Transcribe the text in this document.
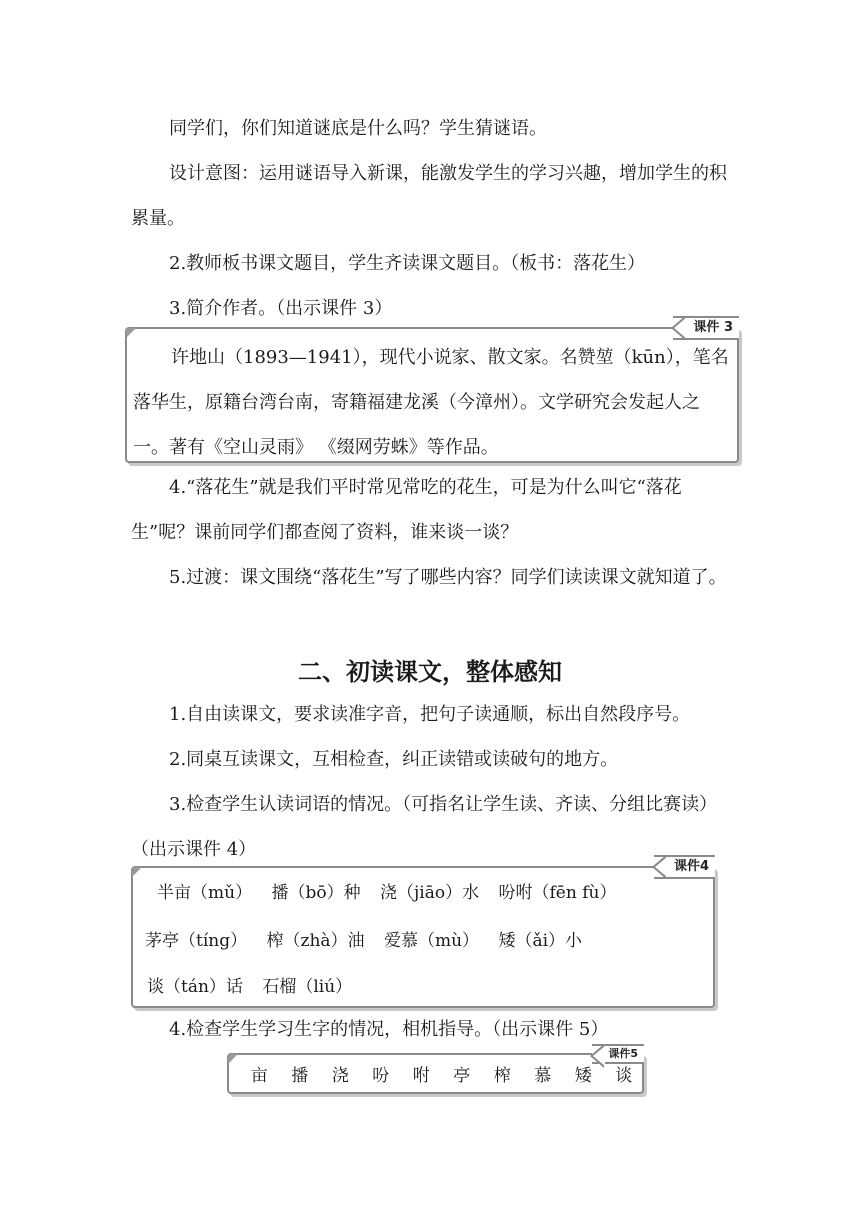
同学们，你们知道谜底是什么吗？学生猜谜语。

设计意图：运用谜语导入新课，能激发学生的学习兴趣，增加学生的积累量。

2.教师板书课文题目，学生齐读课文题目。（板书：落花生）

3.简介作者。（出示课件 3）

课件 3

许地山（1893—1941），现代小说家、散文家。名赞堃（kūn），笔名落华生，原籍台湾台南，寄籍福建龙溪（今漳州）。文学研究会发起人之一。著有《空山灵雨》 《缀网劳蛛》等作品。

4.“落花生”就是我们平时常见常吃的花生，可是为什么叫它“落花生”呢？课前同学们都查阅了资料，谁来谈一谈？

5.过渡：课文围绕“落花生”写了哪些内容？同学们读读课文就知道了。

二、初读课文，整体感知

1.自由读课文，要求读准字音，把句子读通顺，标出自然段序号。

2.同桌互读课文，互相检查，纠正读错或读破句的地方。

3.检查学生认读词语的情况。（可指名让学生读、齐读、分组比赛读）（出示课件 4）

课件4
半亩（mǔ） 播（bō）种 浇（jiāo）水 吩咐（fēn fù）
茅亭（tíng） 榨（zhà）油 爱慕（mù） 矮（ǎi）小
谈（tán）话 石榴（liú）

4.检查学生学习生字的情况，相机指导。（出示课件 5）

课件5
亩 播 浇 吩 咐 亭 榨 慕 矮 谈
